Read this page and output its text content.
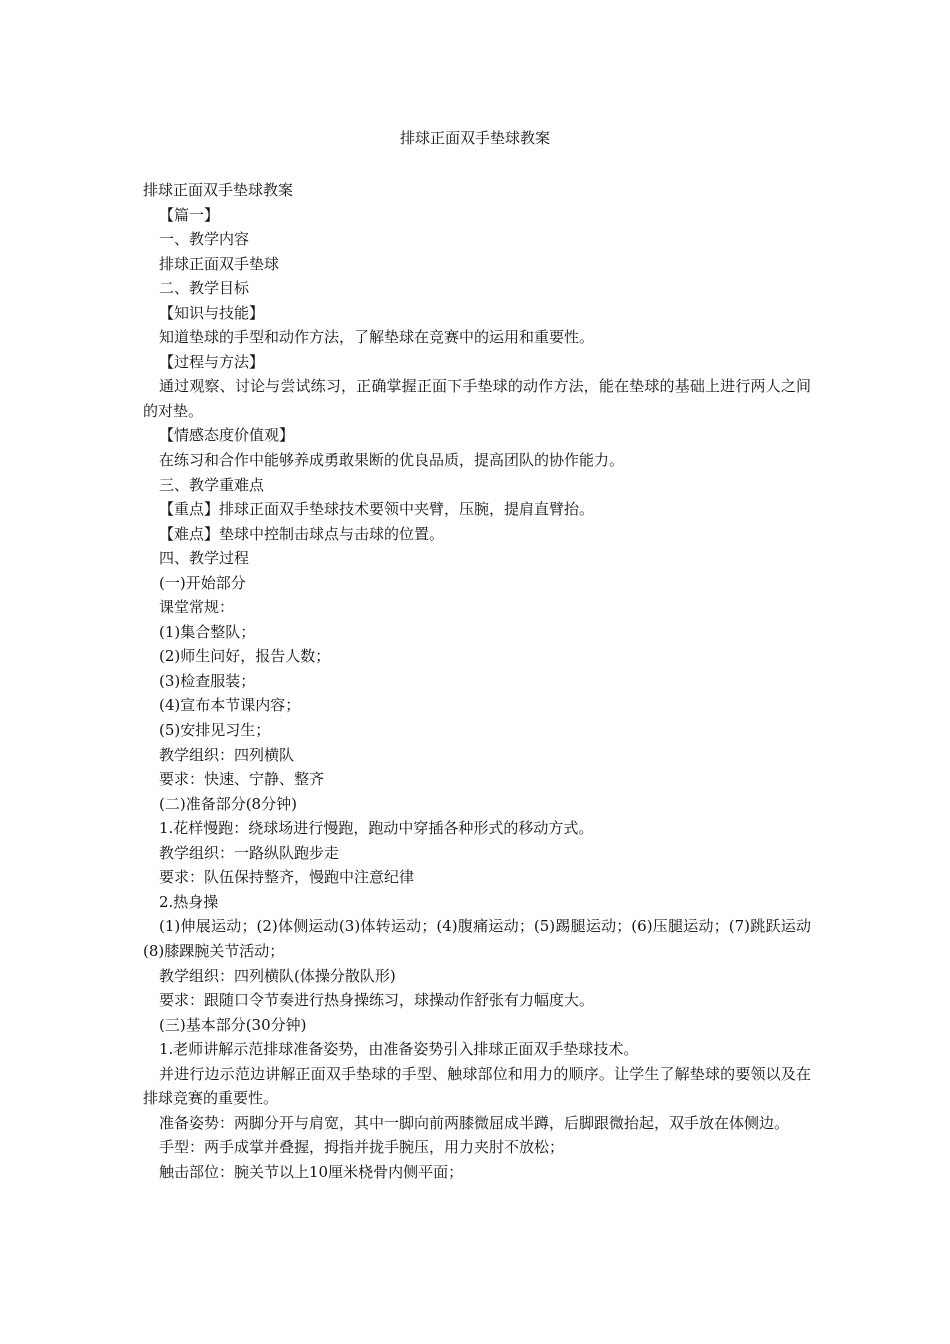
排球正面双手垫球教案

排球正面双手垫球教案

【篇一】

一、教学内容

排球正面双手垫球

二、教学目标

【知识与技能】

知道垫球的手型和动作方法，了解垫球在竞赛中的运用和重要性。

【过程与方法】

通过观察、讨论与尝试练习，正确掌握正面下手垫球的动作方法，能在垫球的基础上进行两人之间的对垫。

【情感态度价值观】

在练习和合作中能够养成勇敢果断的优良品质，提高团队的协作能力。

三、教学重难点

【重点】排球正面双手垫球技术要领中夹臂，压腕，提肩直臂抬。

【难点】垫球中控制击球点与击球的位置。

四、教学过程

(一)开始部分

课堂常规：

(1)集合整队；

(2)师生问好，报告人数；

(3)检查服装；

(4)宣布本节课内容；

(5)安排见习生；

教学组织：四列横队

要求：快速、宁静、整齐

(二)准备部分(8分钟)

1.花样慢跑：绕球场进行慢跑，跑动中穿插各种形式的移动方式。

教学组织：一路纵队跑步走

要求：队伍保持整齐，慢跑中注意纪律

2.热身操

(1)伸展运动；(2)体侧运动(3)体转运动；(4)腹痛运动；(5)踢腿运动；(6)压腿运动；(7)跳跃运动(8)膝踝腕关节活动；

教学组织：四列横队(体操分散队形)

要求：跟随口令节奏进行热身操练习，球操动作舒张有力幅度大。

(三)基本部分(30分钟)

1.老师讲解示范排球准备姿势，由准备姿势引入排球正面双手垫球技术。

并进行边示范边讲解正面双手垫球的手型、触球部位和用力的顺序。让学生了解垫球的要领以及在排球竞赛的重要性。

准备姿势：两脚分开与肩宽，其中一脚向前两膝微屈成半蹲，后脚跟微抬起，双手放在体侧边。

手型：两手成掌并叠握，拇指并拢手腕压，用力夹肘不放松；

触击部位：腕关节以上10厘米桡骨内侧平面；
